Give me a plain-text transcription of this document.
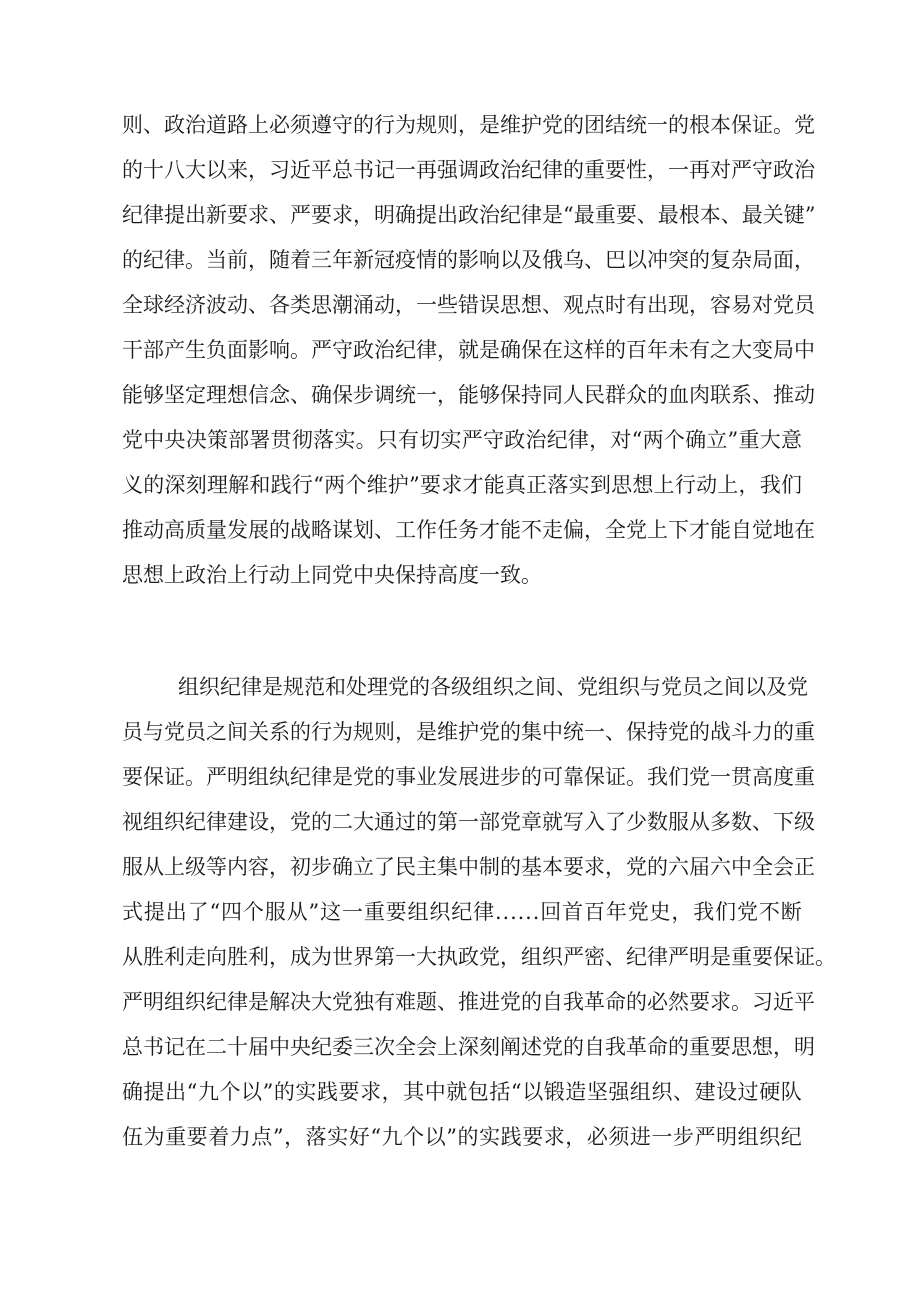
则 、 政 治 道 路 上 必 须 遵 守 的 行 为 规 则 ， 是 维 护 党 的 团 结 统 一 的 根 本 保 证 。 党
的 十 八 大 以 来 ， 习 近 平 总 书 记 一 再 强 调 政 治 纪 律 的 重 要 性 ， 一 再 对 严 守 政 治
纪 律 提 出 新 要 求 、 严 要 求 ， 明 确 提 出 政 治 纪 律 是 “ 最 重 要 、 最 根 本 、 最 关 键 ”
的 纪 律 。 当 前 ， 随 着 三 年 新 冠 疫 情 的 影 响 以 及 俄 乌 、 巴 以 冲 突 的 复 杂 局 面 ，
全 球 经 济 波 动 、 各 类 思 潮 涌 动 ， 一 些 错 误 思 想 、 观 点 时 有 出 现 ， 容 易 对 党 员
干 部 产 生 负 面 影 响 。 严 守 政 治 纪 律 ， 就 是 确 保 在 这 样 的 百 年 未 有 之 大 变 局 中
能 够 坚 定 理 想 信 念 、 确 保 步 调 统 一 ， 能 够 保 持 同 人 民 群 众 的 血 肉 联 系 、 推 动
党 中 央 决 策 部 署 贯 彻 落 实 。 只 有 切 实 严 守 政 治 纪 律 ， 对 “ 两 个 确 立 ” 重 大 意
义 的 深 刻 理 解 和 践 行 “ 两 个 维 护 ” 要 求 才 能 真 正 落 实 到 思 想 上 行 动 上 ， 我 们
推 动 高 质 量 发 展 的 战 略 谋 划 、 工 作 任 务 才 能 不 走 偏 ， 全 党 上 下 才 能 自 觉 地 在
思 想 上 政 治 上 行 动 上 同 党 中 央 保 持 高 度 一 致 。
组 织 纪 律 是 规 范 和 处 理 党 的 各 级 组 织 之 间 、 党 组 织 与 党 员 之 间 以 及 党
员 与 党 员 之 间 关 系 的 行 为 规 则 ， 是 维 护 党 的 集 中 统 一 、 保 持 党 的 战 斗 力 的 重
要 保 证 。 严 明 组 纨 纪 律 是 党 的 事 业 发 展 进 步 的 可 靠 保 证 。 我 们 党 一 贯 高 度 重
视 组 织 纪 律 建 设 ， 党 的 二 大 通 过 的 第 一 部 党 章 就 写 入 了 少 数 服 从 多 数 、 下 级
服 从 上 级 等 内 容 ， 初 步 确 立 了 民 主 集 中 制 的 基 本 要 求 ， 党 的 六 届 六 中 全 会 正
式 提 出 了 “ 四 个 服 从 ” 这 一 重 要 组 织 纪 律 . . . . . . 回 首 百 年 党 史 ， 我 们 党 不 断
从 胜 利 走 向 胜 利 ， 成 为 世 界 第 一 大 执 政 党 ， 组 织 严 密 、 纪 律 严 明 是 重 要 保 证 。
严 明 组 织 纪 律 是 解 决 大 党 独 有 难 题 、 推 进 党 的 自 我 革 命 的 必 然 要 求 。 习 近 平
总 书 记 在 二 十 届 中 央 纪 委 三 次 全 会 上 深 刻 阐 述 党 的 自 我 革 命 的 重 要 思 想 ， 明
确 提 出 “ 九 个 以 ” 的 实 践 要 求 ， 其 中 就 包 括 “ 以 锻 造 坚 强 组 织 、 建 设 过 硬 队
伍 为 重 要 着 力 点 ” ， 落 实 好 “ 九 个 以 ” 的 实 践 要 求 ， 必 须 进 一 步 严 明 组 织 纪
